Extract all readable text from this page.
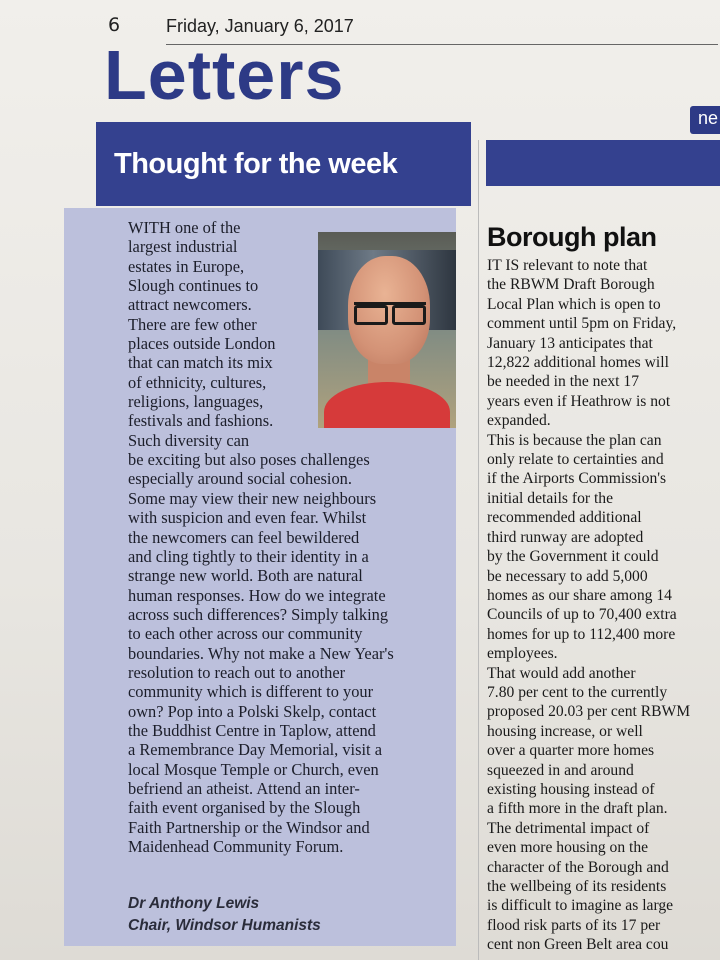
6	Friday, January 6, 2017
Letters
ne
Thought for the week
WITH one of the
largest industrial
estates in Europe,
Slough continues to
attract newcomers.
There are few other
places outside London
that can match its mix
of ethnicity, cultures,
religions, languages,
festivals and fashions.
Such diversity can
be exciting but also poses challenges
especially around social cohesion.
Some may view their new neighbours
with suspicion and even fear. Whilst
the newcomers can feel bewildered
and cling tightly to their identity in a
strange new world. Both are natural
human responses. How do we integrate
across such differences? Simply talking
to each other across our community
boundaries. Why not make a New Year's
resolution to reach out to another
community which is different to your
own? Pop into a Polski Skelp, contact
the Buddhist Centre in Taplow, attend
a Remembrance Day Memorial, visit a
local Mosque Temple or Church, even
befriend an atheist. Attend an inter-
faith event organised by the Slough
Faith Partnership or the Windsor and
Maidenhead Community Forum.
Dr Anthony Lewis
Chair, Windsor Humanists
Borough plan
IT IS relevant to note that
the RBWM Draft Borough
Local Plan which is open to
comment until 5pm on Friday,
January 13 anticipates that
12,822 additional homes will
be needed in the next 17
years even if Heathrow is not
expanded.
This is because the plan can
only relate to certainties and
if the Airports Commission's
initial details for the
recommended additional
third runway are adopted
by the Government it could
be necessary to add 5,000
homes as our share among 14
Councils of up to 70,400 extra
homes for up to 112,400 more
employees.
That would add another
7.80 per cent to the currently
proposed 20.03 per cent RBWM
housing increase, or well
over a quarter more homes
squeezed in and around
existing housing instead of
a fifth more in the draft plan.
The detrimental impact of
even more housing on the
character of the Borough and
the wellbeing of its residents
is difficult to imagine as large
flood risk parts of its 17 per
cent non Green Belt area cou
